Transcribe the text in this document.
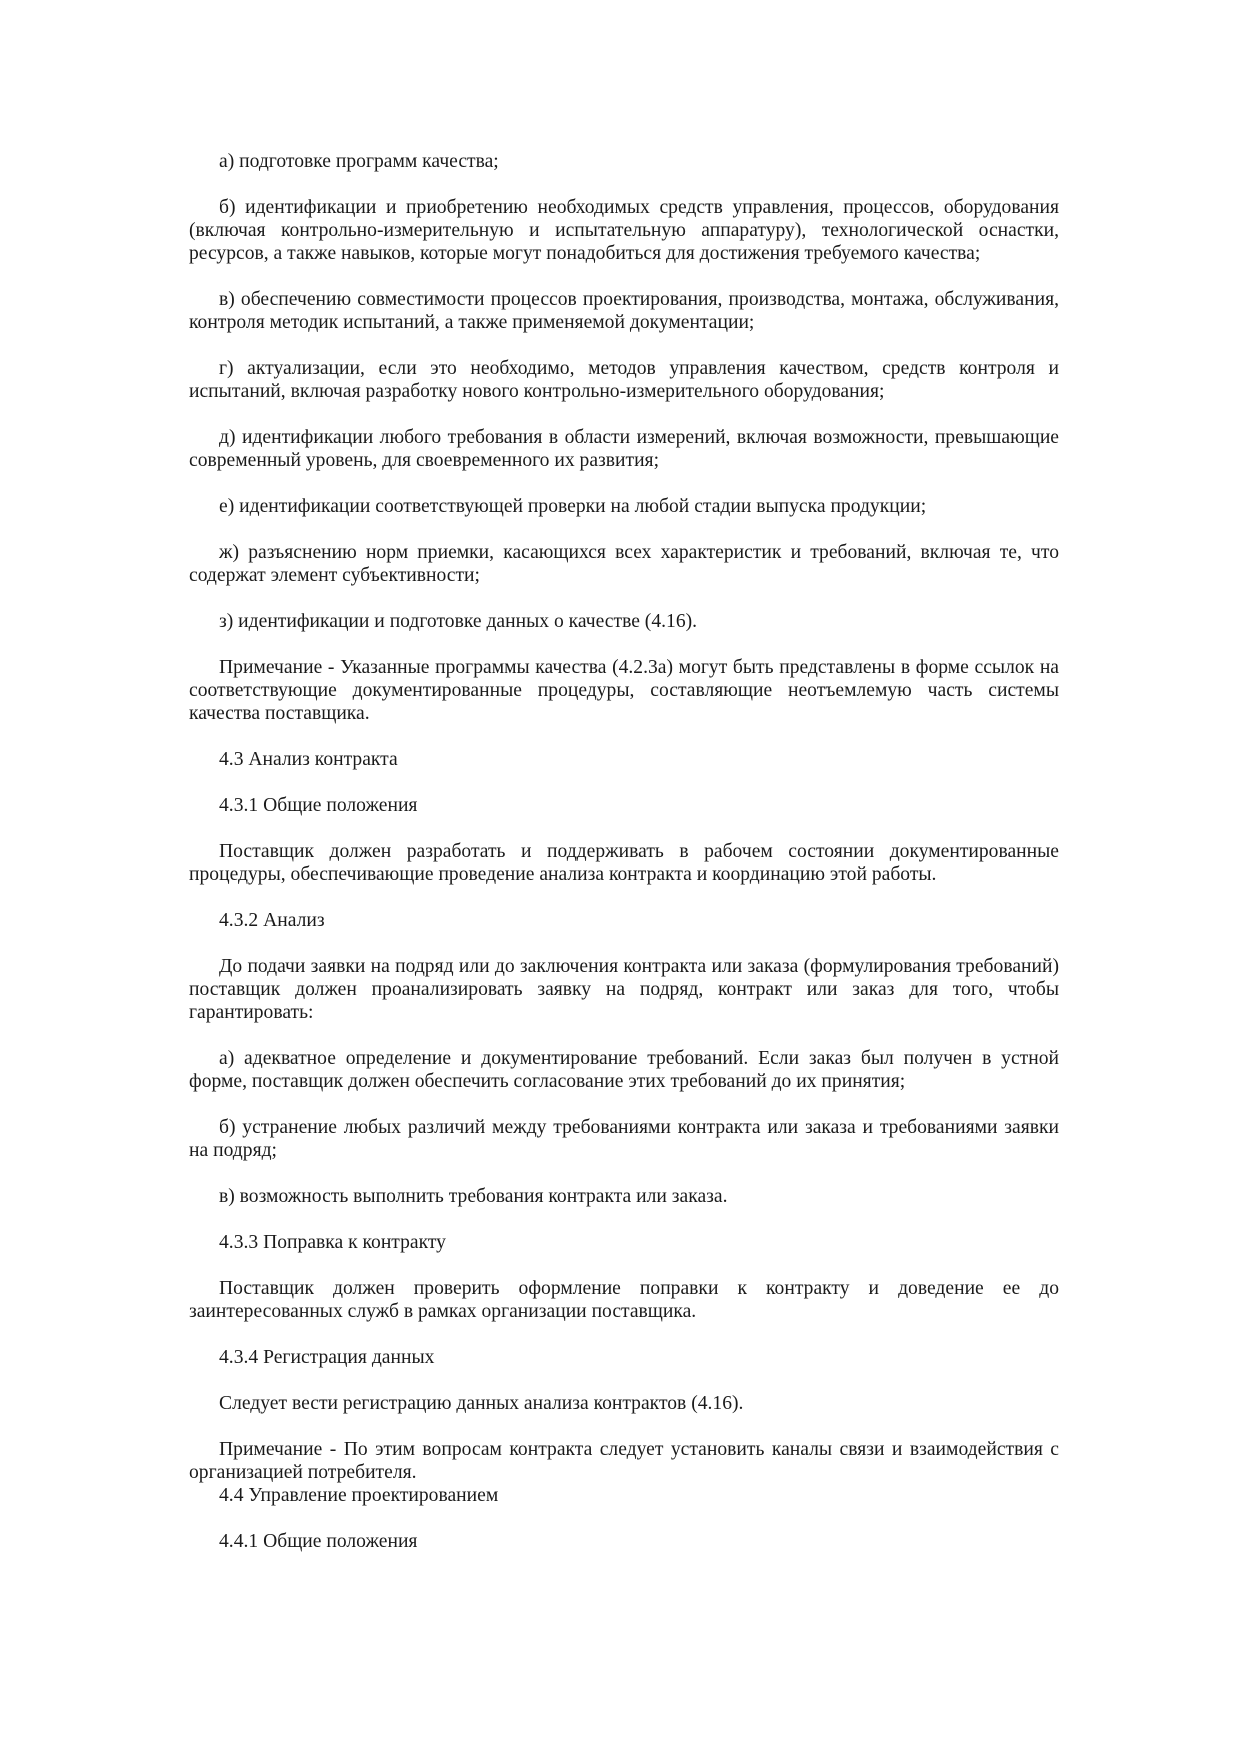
а) подготовке программ качества;

б) идентификации и приобретению необходимых средств управления, процессов, оборудования (включая контрольно-измерительную и испытательную аппаратуру), технологической оснастки, ресурсов, а также навыков, которые могут понадобиться для достижения требуемого качества;

в) обеспечению совместимости процессов проектирования, производства, монтажа, обслуживания, контроля методик испытаний, а также применяемой документации;

г) актуализации, если это необходимо, методов управления качеством, средств контроля и испытаний, включая разработку нового контрольно-измерительного оборудования;

д) идентификации любого требования в области измерений, включая возможности, превышающие современный уровень, для своевременного их развития;

е) идентификации соответствующей проверки на любой стадии выпуска продукции;

ж) разъяснению норм приемки, касающихся всех характеристик и требований, включая те, что содержат элемент субъективности;

з) идентификации и подготовке данных о качестве (4.16).

Примечание - Указанные программы качества (4.2.3а) могут быть представлены в форме ссылок на соответствующие документированные процедуры, составляющие неотъемлемую часть системы качества поставщика.

4.3 Анализ контракта

4.3.1 Общие положения

Поставщик должен разработать и поддерживать в рабочем состоянии документированные процедуры, обеспечивающие проведение анализа контракта и координацию этой работы.

4.3.2 Анализ

До подачи заявки на подряд или до заключения контракта или заказа (формулирования требований) поставщик должен проанализировать заявку на подряд, контракт или заказ для того, чтобы гарантировать:

а) адекватное определение и документирование требований. Если заказ был получен в устной форме, поставщик должен обеспечить согласование этих требований до их принятия;

б) устранение любых различий между требованиями контракта или заказа и требованиями заявки на подряд;

в) возможность выполнить требования контракта или заказа.

4.3.3 Поправка к контракту

Поставщик должен проверить оформление поправки к контракту и доведение ее до заинтересованных служб в рамках организации поставщика.

4.3.4 Регистрация данных

Следует вести регистрацию данных анализа контрактов (4.16).

Примечание - По этим вопросам контракта следует установить каналы связи и взаимодействия с организацией потребителя.

4.4 Управление проектированием

4.4.1 Общие положения
